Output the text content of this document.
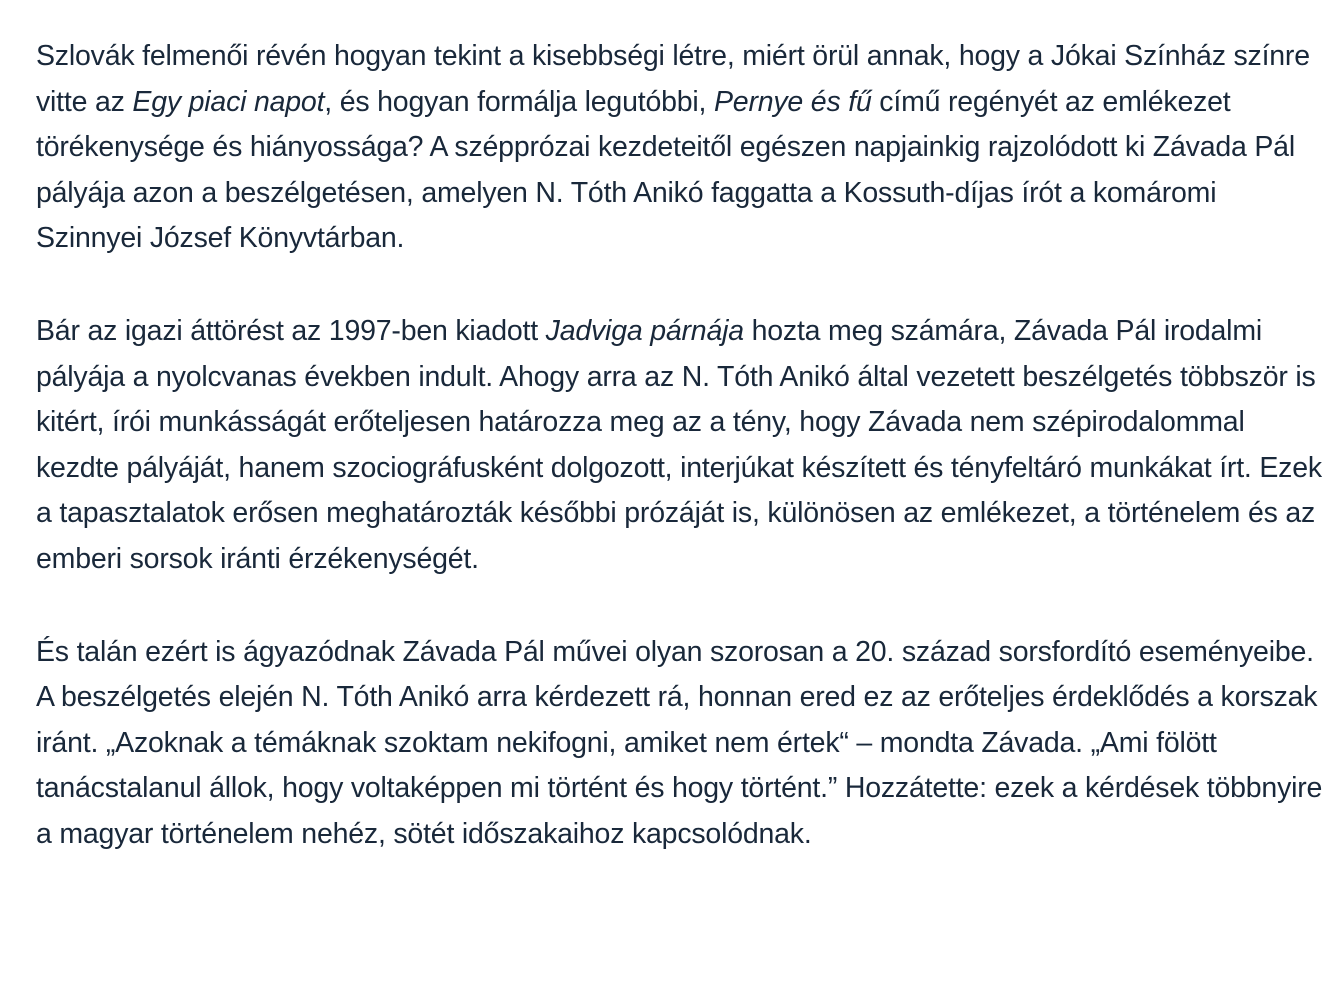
Szlovák felmenői révén hogyan tekint a kisebbségi létre, miért örül annak, hogy a Jókai Színház színre vitte az Egy piaci napot, és hogyan formálja legutóbbi, Pernye és fű című regényét az emlékezet törékenysége és hiányossága? A szépprózai kezdeteitől egészen napjainkig rajzolódott ki Závada Pál pályája azon a beszélgetésen, amelyen N. Tóth Anikó faggatta a Kossuth-díjas írót a komáromi Szinnyei József Könyvtárban.

Bár az igazi áttörést az 1997-ben kiadott Jadviga párnája hozta meg számára, Závada Pál irodalmi pályája a nyolcvanas években indult. Ahogy arra az N. Tóth Anikó által vezetett beszélgetés többször is kitért, írói munkásságát erőteljesen határozza meg az a tény, hogy Závada nem szépirodalommal kezdte pályáját, hanem szociográfusként dolgozott, interjúkat készített és tényfeltáró munkákat írt. Ezek a tapasztalatok erősen meghatározták későbbi prózáját is, különösen az emlékezet, a történelem és az emberi sorsok iránti érzékenységét.

És talán ezért is ágyazódnak Závada Pál művei olyan szorosan a 20. század sorsfordító eseményeibe. A beszélgetés elején N. Tóth Anikó arra kérdezett rá, honnan ered ez az erőteljes érdeklődés a korszak iránt. „Azoknak a témáknak szoktam nekifogni, amiket nem értek“ – mondta Závada. „Ami fölött tanácstalanul állok, hogy voltaképpen mi történt és hogy történt.” Hozzátette: ezek a kérdések többnyire a magyar történelem nehéz, sötét időszakaihoz kapcsolódnak.
